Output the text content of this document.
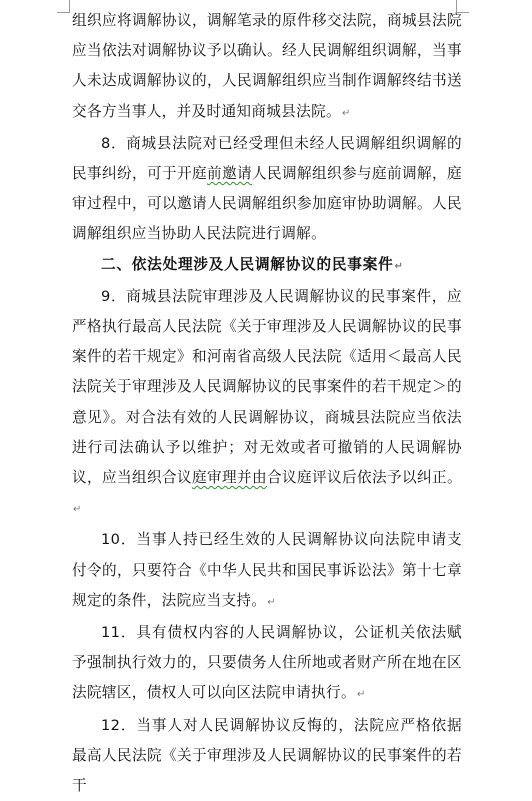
组织应将调解协议，调解笔录的原件移交法院，商城县法院应当依法对调解协议予以确认。经人民调解组织调解，当事人未达成调解协议的，人民调解组织应当制作调解终结书送交各方当事人，并及时通知商城县法院。↵

8．商城县法院对已经受理但未经人民调解组织调解的民事纠纷，可于开庭前邀请人民调解组织参与庭前调解，庭审过程中，可以邀请人民调解组织参加庭审协助调解。人民调解组织应当协助人民法院进行调解。

二、依法处理涉及人民调解协议的民事案件↵

9．商城县法院审理涉及人民调解协议的民事案件，应严格执行最高人民法院《关于审理涉及人民调解协议的民事案件的若干规定》和河南省高级人民法院《适用＜最高人民法院关于审理涉及人民调解协议的民事案件的若干规定＞的意见》。对合法有效的人民调解协议，商城县法院应当依法进行司法确认予以维护；对无效或者可撤销的人民调解协议，应当组织合议庭审理并由合议庭评议后依法予以纠正。↵

10．当事人持已经生效的人民调解协议向法院申请支付令的，只要符合《中华人民共和国民事诉讼法》第十七章规定的条件，法院应当支持。↵

11．具有债权内容的人民调解协议，公证机关依法赋予强制执行效力的，只要债务人住所地或者财产所在地在区法院辖区，债权人可以向区法院申请执行。↵

12．当事人对人民调解协议反悔的，法院应严格依据最高人民法院《关于审理涉及人民调解协议的民事案件的若干
